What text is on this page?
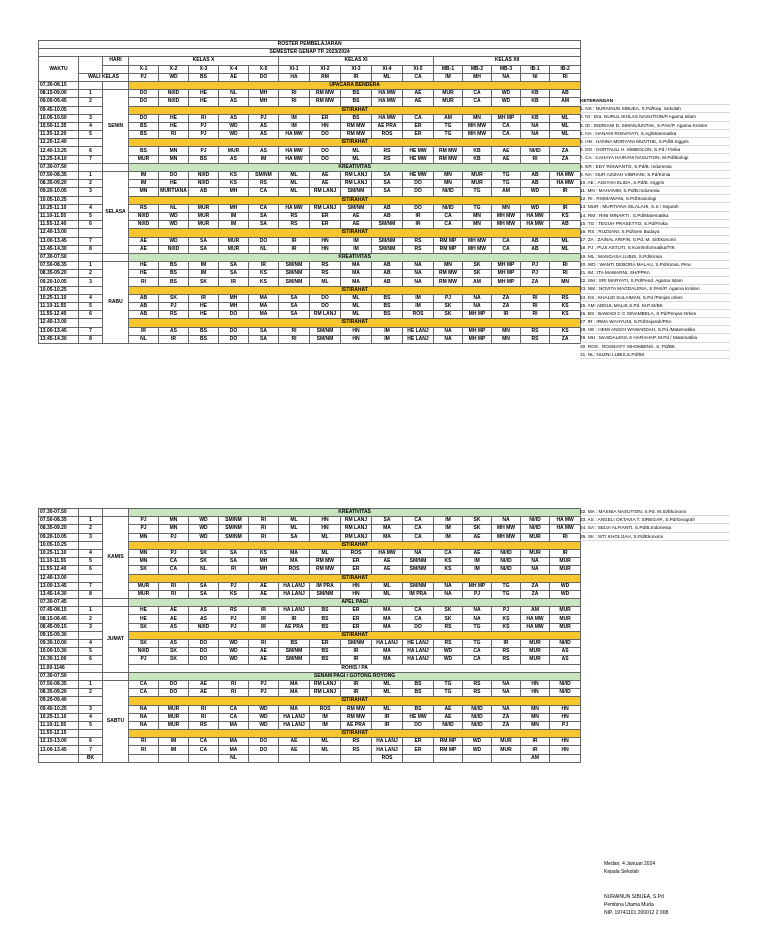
ROSTER PEMBELAJARAN																	
SEMESTER GENAP TP. 2023/2024																	
WAKTU		HARI	KELAS X					KELAS XI					KELAS XII				
			X-1	X-2	X-3	X-4	X-5	XI-1	XI-2	XI-3	XI-4	XI-5	MB-1	MB-2	MB-3	IB-1	IB-2
	WALI KELAS		PJ	WD	BS	AE	DO	HA	RM	IR	ML	CA	IM	MH	NA	NI	RI
07.30-08.15			UPACARA BENDERA														
08.15-09.00	1	SENIN	DO	NI/ID	HE	NL	MH	RI	RM MW	BS	HA MW	AE	MUR	CA	WD	KB	AB
09.00-09.45	2		DO	NI/ID	HE	AS	MH	RI	RM MW	BS	HA MW	AE	MUR	CA	WD	KB	AM
09.45-10.05			ISTIRAHAT														
10.05-10.50	3		DO	HE	RI	AS	PJ	IM	ER	BS	HA MW	CA	AM	MN	MH MP	KB	ML
10.50-11.35	4		BS	HE	PJ	WD	AS	IM	HN	RM MW	AE PRA	ER	TG	MH MW	CA	NA	ML
11.35-12.20	5		BS	RI	PJ	WD	AS	HA MW	DO	RM MW	ROS	ER	TG	MH MW	CA	NA	ML
12.20-12.40			ISTIRAHAT														
12.40-13.25	6		BS	MN	PJ	MUR	AS	HA MW	DO	ML	RS	HE MW	RM MW	KB	AE	NI/ID	ZA
13.25-14.10	7		MUR	MN	BS	AS	IM	HA MW	DO	ML	RS	HE MW	RM MW	KB	AE	RI	ZA
07.30-07.50			KREATIVITAS														
07.50-08.35	1	SELASA	IM	DO	NI/ID	KS	SM/NM	ML	AE	RM LANJ	SA	HE MW	MN	MUR	TG	AB	HA MW
08.35-09.20	2		IM	HE	NI/ID	KS	RS	ML	AE	RM LANJ	SA	DO	MN	MUR	TG	AB	HA MW
09.20-10.05	3		MN	MURTIANA	AB	MH	CA	ML	RM LANJ	SM/NM	SA	DO	NI/ID	TG	AM	WD	IR
10.05-10.25			ISTIRAHAT														
10.25-11.10	4		RS	NL	MUR	MH	CA	HA MW	RM LANJ	SM/NM	AB	DO	NI/ID	TG	MN	WD	IR
11.10-11.55	5		NI/ID	WD	MUR	IM	SA	RS	ER	AE	AB	IR	CA	MN	MH MW	HA MW	KS
11.55-12.40	6		NI/ID	WD	MUR	IM	SA	RS	ER	AE	SM/NM	IR	CA	MN	MH MW	HA MW	AB
12.40-13.00			ISTIRAHAT														
13.00-13.45	7		AE	WD	SA	MUR	DO	IR	HN	IM	SM/NM	RS	RM MP	MH MW	CA	AB	ML
13.45-14.30	8		AE	NI/ID	SA	MUR	NL	IR	HN	IM	SM/NM	RS	RM MP	MH MW	CA	AB	ML
07.30-07.50			KREATIVITAS														
07.50-08.35	1	RABU	HE	BS	IM	SA	IR	SM/NM	RS	MA	AB	NA	MN	SK	MH MP	PJ	RI
08.35-09.20	2		HE	BS	IM	SA	KS	SM/NM	RS	MA	AB	NA	RM MW	SK	MH MP	PJ	RI
09.20-10.05	3		RI	BS	SK	IR	KS	SM/NM	ML	MA	AB	NA	RM MW	AM	MH MP	ZA	MN
10.05-10.25			ISTIRAHAT														
10.25-11.10	4		AB	SK	IR	MH	MA	SA	DO	ML	BS	IM	PJ	NA	ZA	RI	RS
11.10-11.55	5		AB	PJ	HE	MH	MA	SA	DO	ML	BS	IM	SK	NA	ZA	RI	KS
11.55-12.40	6		AB	RS	HE	DO	MA	SA	RM LANJ	ML	BS	ROS	SK	MH MP	IR	RI	KS
12.40-13.00			ISTIRAHAT														
13.00-13.45	7		IR	AS	BS	DO	SA	RI	SM/NM	HN	IM	HE LANJ	NA	MH MP	MN	RS	KS
13.45-14.30	8		NL	IR	BS	DO	SA	RI	SM/NM	HN	IM	HE LANJ	NA	MH MP	MN	RS	ZA
KETERANGAN
1. NS : NURAINUN SIBUEA, S.Pd/Kep. Sekolah
2. NI : Dra. NURUL IKHLAS NASUTION/P.Agama Islam
3. ID : INDRIANI D. SIMANJUNTAK, S.PAK/P. Agama Kristen
4. HA : HANANI RISNAYATI, S.Ag/Matematika
5. HN : HANNA MORYANI MUNTHE, S.Pd/B.Inggris
6. DO : DORTAULI H. SIMBOLON, S.Pd / Fisika
7. CA : CAHAYA HAIRANI NASUTION, M.Pd/Biologi
8. ER : EDY RISWANTO, S.Pd/B. Indonesia
9. NA : NUR AZIZAH VIBRIANI, S.Pd/Kimia
10. AE : AISIYAH ELIDA, S.Pd/B. Inggris
11. MN : MAHANIM, S.Pd/B.Indonesia
12. RI : RISMAWANI, S.Pd/Sosiologi
13. MUR : MURTIANA SILALAHI, S.S / Sejarah
14. RM : RINI MINARTI , S.Pd/Matematika
15. TG : TEGUH PRASETYO, S.Pd/Fisika
16. RS : RUZSANI, S.Pd/Seni Budaya
17. ZA : ZAINAL ARIFIN, S.Pd. M. Si/Ekonomi
18. PJ : PUJI ASTUTI, S.Kom/Informatika/TIK
19. ML : MANGASA LUBIS, S.Pd/Kimia
20. WD : WANTI DEBORA MALAU, S.Pd/Kimia, PKw
21. IM : ITA MAWARNI, SH/PPKn
22. SM : SRI MARYATI, S.Pd/Pend. Agama Islam
23. NM : NOVITA MAGDALENA, S.PAK/P. Agama Kristen
24. KS : KHALID SULAIMAN, S.Pd /Penjas orkes
25. AM: ABDUL MALIK,S.Pd. M.P.SI/BK
26. BS : BAWADI C C SINAMBELA, S.Pd/Penjas-Orkes
27. IR : IRMA WAHYUNI, S.Pd/Sejarah/PKn
28. HE : HEMI ANGGI WAWADDAH, S.Pd./Matematika
29. MH : MASDALENA S HARAHAP, M.Pd / Matematika
30. ROS : ROSNIATY SIHOMBING, S. Pd/BK
31. NL: NUZNI LUBIS,S.Pd/BK
07.30-07.50			KREATIVITAS															
07.50-08.35	1	KAMIS	PJ	MN	WD	SM/NM	RI	ML	HN	RM LANJ	SA	CA	IM	SK	NA	NI/ID	HA MW	
08.35-09.20	2		PJ	MN	WD	SM/NM	RI	ML	HN	RM LANJ	MA	CA	IM	SK	MH MW	NI/ID	HA MW	
09.20-10.05	3		MN	PJ	WD	SM/NM	RI	SA	ML	RM LANJ	MA	CA	IM	AE	MH MW	MUR	RI	
10.05-10.25			ISTIRAHAT															
10.25-11.10	4		MN	PJ	SK	SA	KS	MA	ML	ROS	HA MW	NA	CA	AE	NI/ID	MUR	IR	
11.10-11.55	5		MN	CA	SK	SA	MH	MA	RM MW	ER	AE	SM/NM	KS	IM	NI/ID	NA	MUR	
11.55-12.40	6		SK	CA	NL	RI	MH	ROS	RM MW	ER	AE	SM/NM	KS	IM	NI/ID	NA	MUR	
12.40-13.00			ISTIRAHAT															
13.00-13.45	7		MUR	RI	SA	PJ	AE	HA LANJ	IM PRA	HN	ML	SM/NM	NA	MH MP	TG	ZA	WD	
13.45-14.30	8		MUR	RI	SA	KS	AE	HA LANJ	SM/NM	HN	ML	IM PRA	NA	PJ	TG	ZA	WD	
07.30-07.45			APEL PAGI															
07.45-08.15	1	JUMAT	HE	AE	AS	RS	IR	HA LANJ	BS	ER	MA	CA	SK	NA	PJ	AM	MUR	
08.15-08.45	2		HE	AE	AS	PJ	IR	IR	BS	ER	MA	CA	SK	NA	KS	HA MW	MUR	
08.45-09.15	3		SK	AS	NI/ID	PJ	IR	AE PRA	BS	ER	MA	DO	RS	TG	KS	HA MW	MUR	
09.15-09.30			ISTIRAHAT															
09.30-10.00	4		SK	AS	DO	WD	RI	BS	ER	SM/NM	HA LANJ	HE LANJ	RS	TG	IR	MUR	NI/ID	
10.00-10.30	5		NI/ID	SK	DO	WD	AE	SM/NM	BS	IR	MA	HA LANJ	WD	CA	RS	MUR	AS	
10.30-11.00	6		PJ	SK	DO	WD	AE	SM/NM	BS	IR	MA	HA LANJ	WD	CA	RS	MUR	AS	
11.00-1146			ROHIS / PA															
07.30-07.50			SENAM PAGI / GOTONG ROYONG															
07.50-08.35	1	SABTU	CA	DO	AE	RI	PJ	MA	RM LANJ	IR	ML	BS	TG	RS	NA	HN	NI/ID	
08.35-09.20	2		CA	DO	AE	RI	PJ	MA	RM LANJ	IR	ML	BS	TG	RS	NA	HN	NI/ID	
09.20-09.40			ISTIRAHAT															
09.40-10.25	3		NA	MUR	RI	CA	WD	MA	ROS	RM MW	ML	BS	AE	NI/ID	NA	MN	HN	
10.25-11.10	4		NA	MUR	RI	CA	WD	HA LANJ	IM	RM MW	IR	HE MW	AE	NI/ID	ZA	MN	HN	
11.10-11.55	5		NA	MUR	RS	MA	WD	HA LANJ	IM	AE PRA	IR	DO	NI/ID	NI/ID	ZA	MN	PJ	
11.55-12.15			ISTIRAHAT															
12.15-13.00	6		RI	IM	CA	MA	DO	AE	ML	RS	HA LANJ	ER	RM MP	WD	MUR	IR	HN	
13.00-13.45	7		RI	IM	CA	MA	DO	AE	ML	RS	HA LANJ	ER	RM MP	WD	MUR	IR	HN	
	BK					NL					ROS					AM		
32. MA : MASNIA NASUTION, S.Pd. M.Si/Ekonomi
33. AS : ANGELI OKTAVIA T. SIREGAR, S.Pd/Geografi
34. SA : SELVI ALFIANTI, S.Pd/B.Indonesia
35. SK : SITI KHOLIJAH, S.Pd/Ekonomi
Medan, 4 Januari 2024
Kepala Sekolah
NURAINUN SIBUEA, S.Pd
Pembina Utama Muda
NIP. 19741101 200012 2 008
